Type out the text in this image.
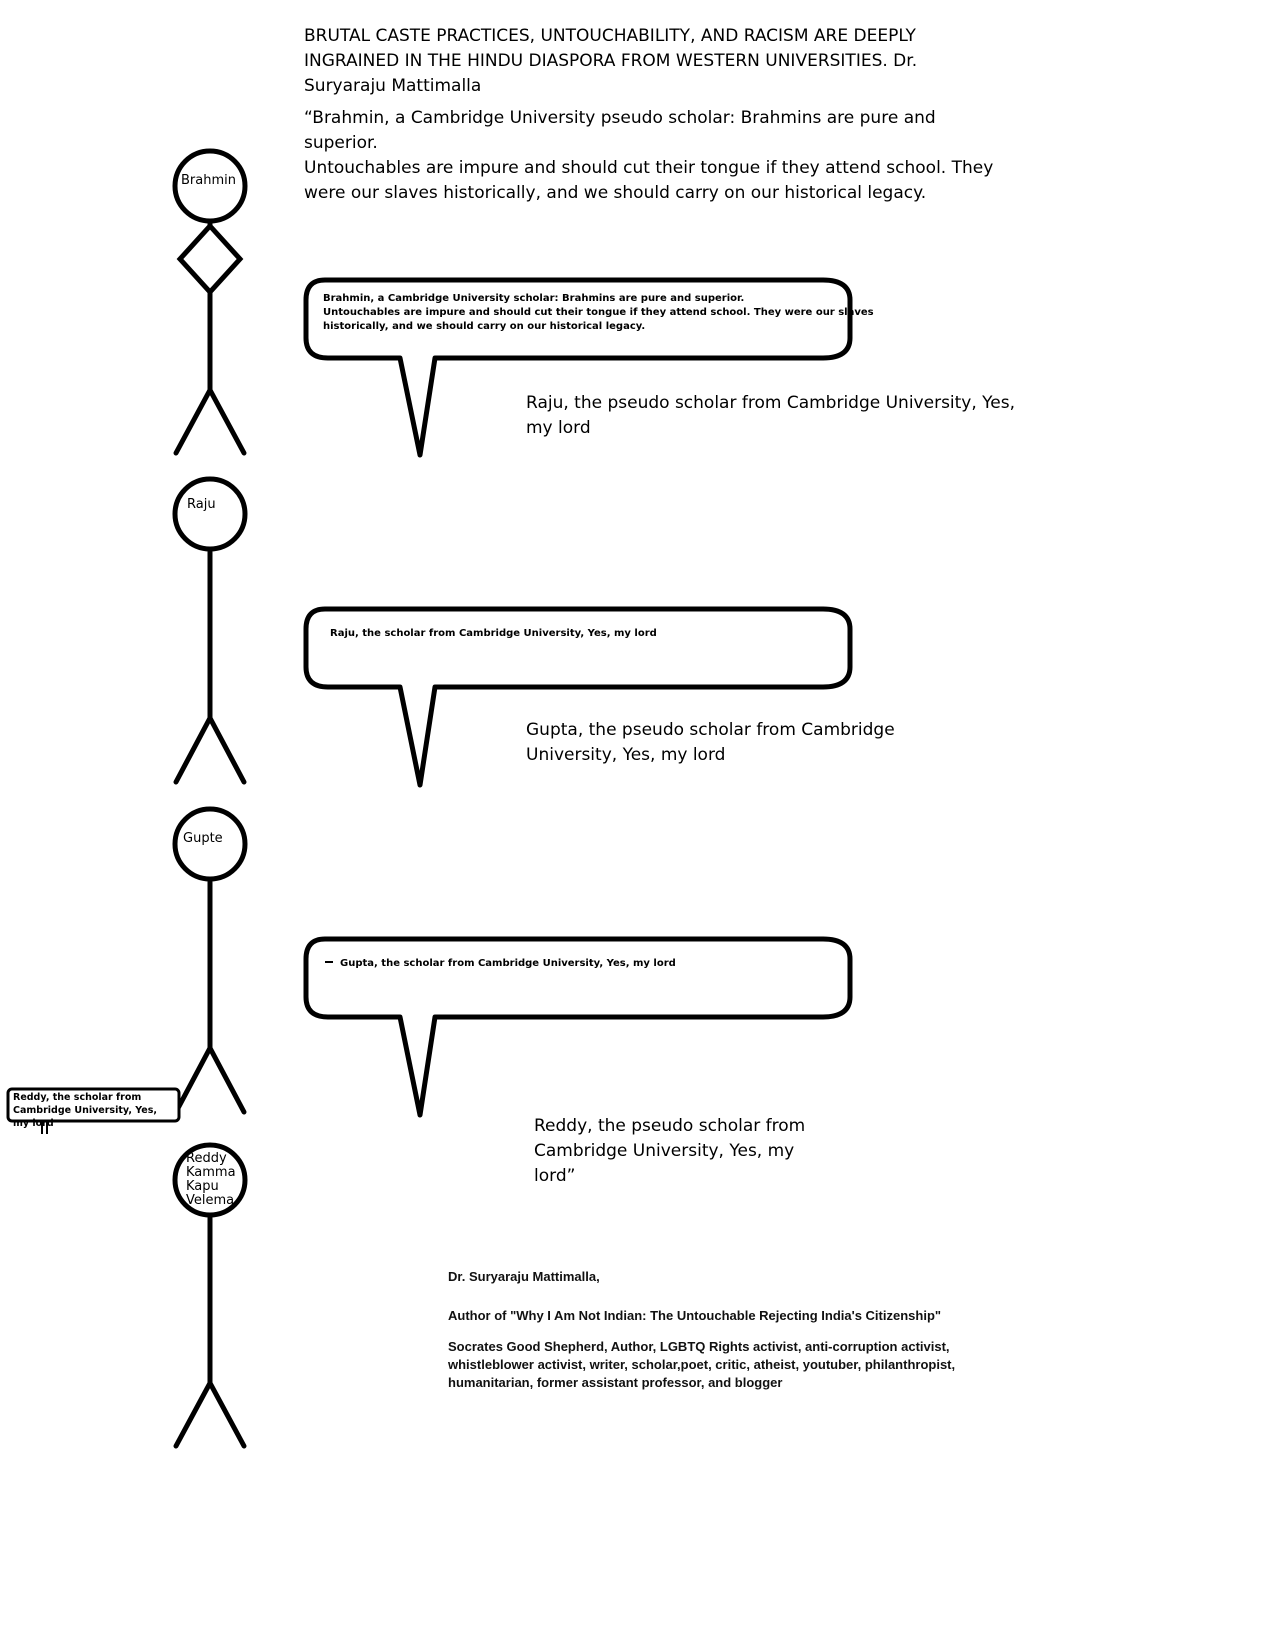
BRUTAL CASTE PRACTICES, UNTOUCHABILITY, AND RACISM ARE DEEPLY INGRAINED IN THE HINDU DIASPORA FROM WESTERN UNIVERSITIES. Dr. Suryaraju Mattimalla
“Brahmin, a Cambridge University pseudo scholar: Brahmins are pure and superior.
Untouchables are impure and should cut their tongue if they attend school. They were our slaves historically, and we should carry on our historical legacy.
Brahmin, a Cambridge University scholar: Brahmins are pure and superior.
Untouchables are impure and should cut their tongue if they attend school. They were our slaves
historically, and we should carry on our historical legacy.
Raju, the scholar from Cambridge University, Yes, my lord
Gupta, the scholar from Cambridge University, Yes, my lord
Brahmin
Raju
Gupte
Reddy
Kamma
Kapu
Velema
Reddy, the scholar from
Cambridge University, Yes,
my lord
Raju, the pseudo scholar from Cambridge University, Yes, my lord
Gupta, the pseudo scholar from Cambridge University, Yes, my lord
Reddy, the pseudo scholar from Cambridge University, Yes, my lord”
Dr. Suryaraju Mattimalla,
Author of "Why I Am Not Indian: The Untouchable Rejecting India's Citizenship"
Socrates Good Shepherd, Author, LGBTQ Rights activist, anti-corruption activist, whistleblower activist, writer, scholar,poet, critic, atheist, youtuber, philanthropist, humanitarian, former assistant professor, and blogger
